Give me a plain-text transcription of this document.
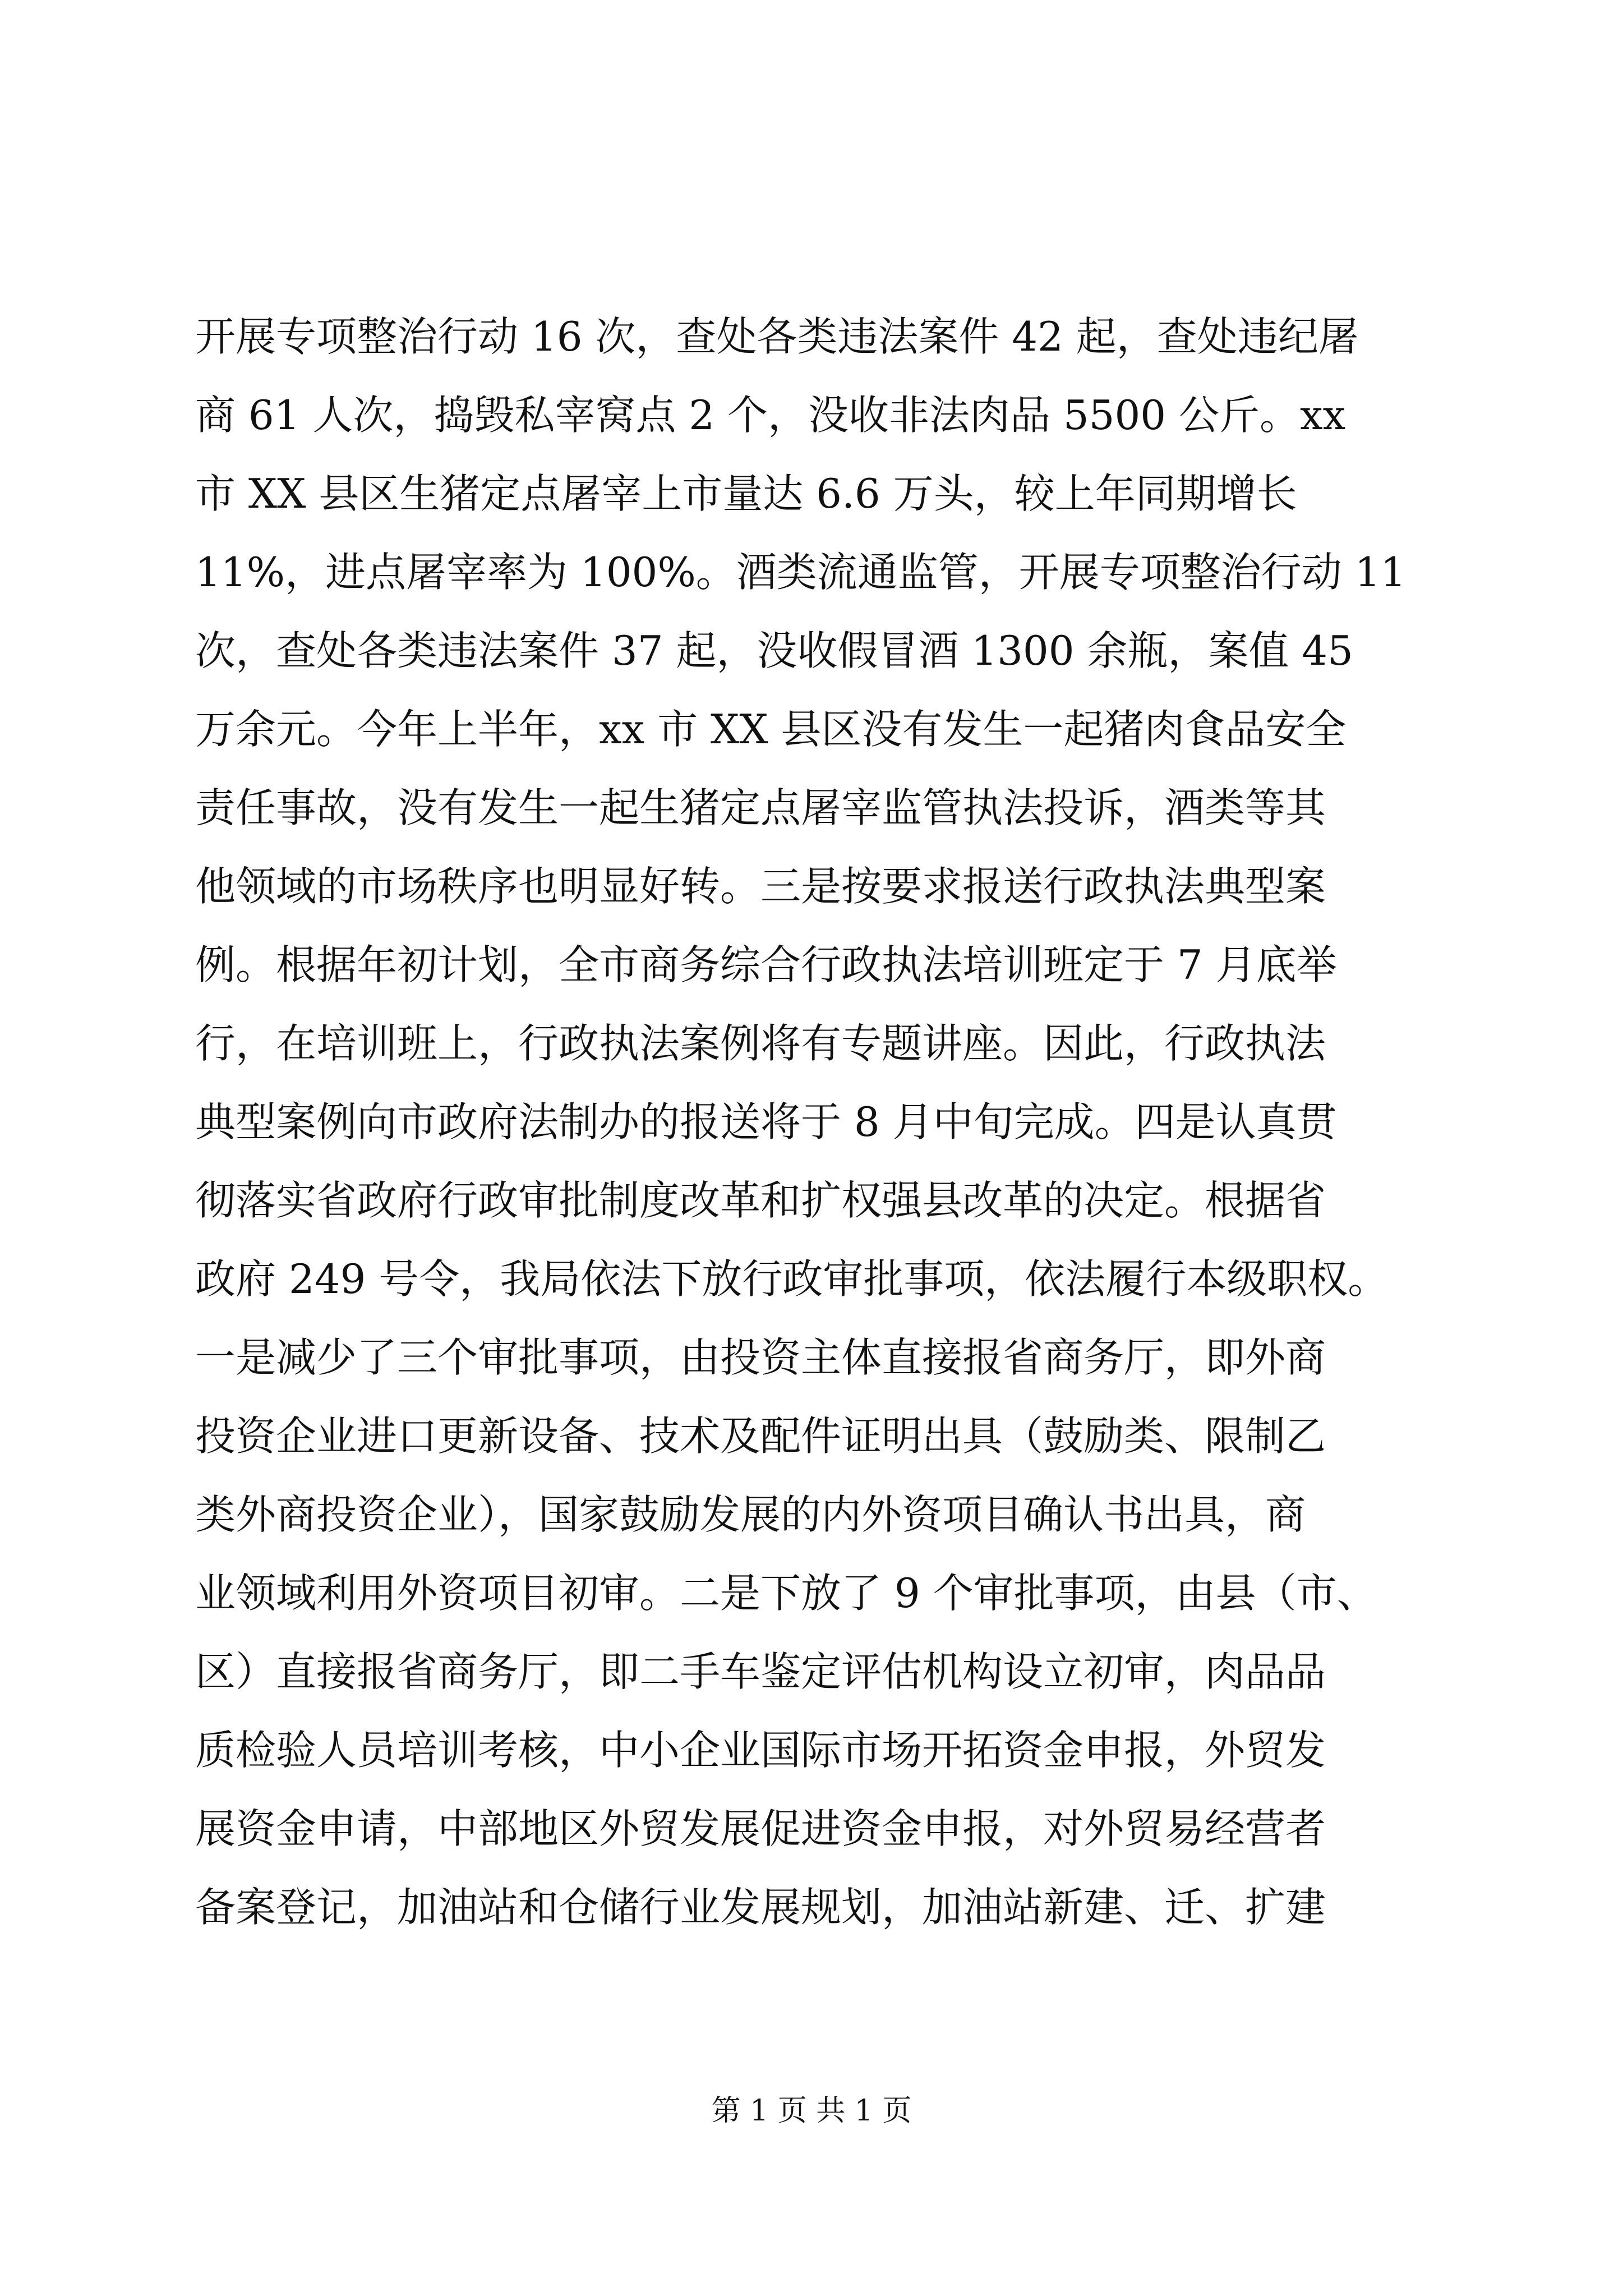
开展专项整治行动 16 次，查处各类违法案件 42 起，查处违纪屠
商 61 人次，捣毁私宰窝点 2 个，没收非法肉品 5500 公斤。xx
市 XX 县区生猪定点屠宰上市量达 6.6 万头，较上年同期增长
11%，进点屠宰率为 100%。酒类流通监管，开展专项整治行动 11
次，查处各类违法案件 37 起，没收假冒酒 1300 余瓶，案值 45
万余元。今年上半年，xx 市 XX 县区没有发生一起猪肉食品安全
责任事故，没有发生一起生猪定点屠宰监管执法投诉，酒类等其
他领域的市场秩序也明显好转。三是按要求报送行政执法典型案
例。根据年初计划，全市商务综合行政执法培训班定于 7 月底举
行，在培训班上，行政执法案例将有专题讲座。因此，行政执法
典型案例向市政府法制办的报送将于 8 月中旬完成。四是认真贯
彻落实省政府行政审批制度改革和扩权强县改革的决定。根据省
政府 249 号令，我局依法下放行政审批事项，依法履行本级职权。
一是减少了三个审批事项，由投资主体直接报省商务厅，即外商
投资企业进口更新设备、技术及配件证明出具（鼓励类、限制乙
类外商投资企业），国家鼓励发展的内外资项目确认书出具，商
业领域利用外资项目初审。二是下放了 9 个审批事项，由县（市、
区）直接报省商务厅，即二手车鉴定评估机构设立初审，肉品品
质检验人员培训考核，中小企业国际市场开拓资金申报，外贸发
展资金申请，中部地区外贸发展促进资金申报，对外贸易经营者
备案登记，加油站和仓储行业发展规划，加油站新建、迁、扩建
第 1 页 共 1 页
